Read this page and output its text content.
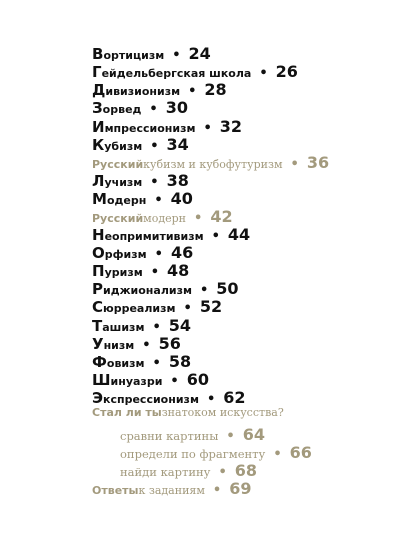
В ортицизм • 24
Г ейдельбергская школа • 26
Д ивизионизм • 28
З орвед • 30
И мпрессионизм • 32
К убизм • 34
Русский кубизм и кубофутуризм • 36
Л учизм • 38
М одерн • 40
Русский модерн • 42
Н еопримитивизм • 44
О рфизм • 46
П уризм • 48
Р иджионализм • 50
С юрреализм • 52
Т ашизм • 54
У низм • 56
Ф овизм • 58
Ш инуазри • 60
Э кспрессионизм • 62
Стал ли ты знатоком искусства?
сравни картины • 64
определи по фрагменту • 66
найди картину • 68
Ответы к заданиям • 69
